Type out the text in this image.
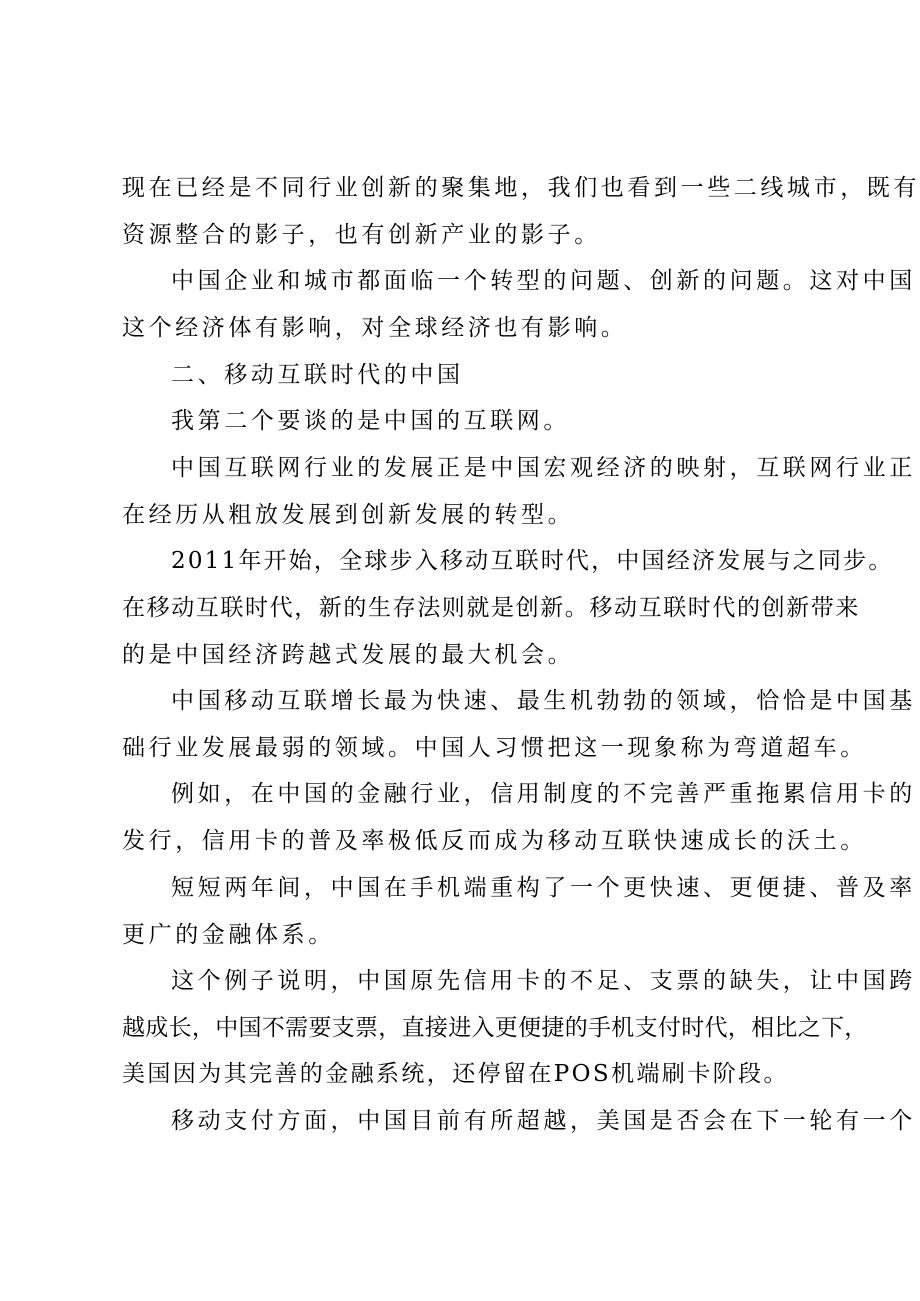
现在已经是不同行业创新的聚集地，我们也看到一些二线城市，既有
资源整合的影子，也有创新产业的影子。
中国企业和城市都面临一个转型的问题、创新的问题。这对中国
这个经济体有影响，对全球经济也有影响。
二、移动互联时代的中国
我第二个要谈的是中国的互联网。
中国互联网行业的发展正是中国宏观经济的映射，互联网行业正
在经历从粗放发展到创新发展的转型。
2011年开始，全球步入移动互联时代，中国经济发展与之同步。
在移动互联时代，新的生存法则就是创新。移动互联时代的创新带来
的是中国经济跨越式发展的最大机会。
中国移动互联增长最为快速、最生机勃勃的领域，恰恰是中国基
础行业发展最弱的领域。中国人习惯把这一现象称为弯道超车。
例如，在中国的金融行业，信用制度的不完善严重拖累信用卡的
发行，信用卡的普及率极低反而成为移动互联快速成长的沃土。
短短两年间，中国在手机端重构了一个更快速、更便捷、普及率
更广的金融体系。
这个例子说明，中国原先信用卡的不足、支票的缺失，让中国跨
越成长，中国不需要支票，直接进入更便捷的手机支付时代，相比之下，
美国因为其完善的金融系统，还停留在POS机端刷卡阶段。
移动支付方面，中国目前有所超越，美国是否会在下一轮有一个
